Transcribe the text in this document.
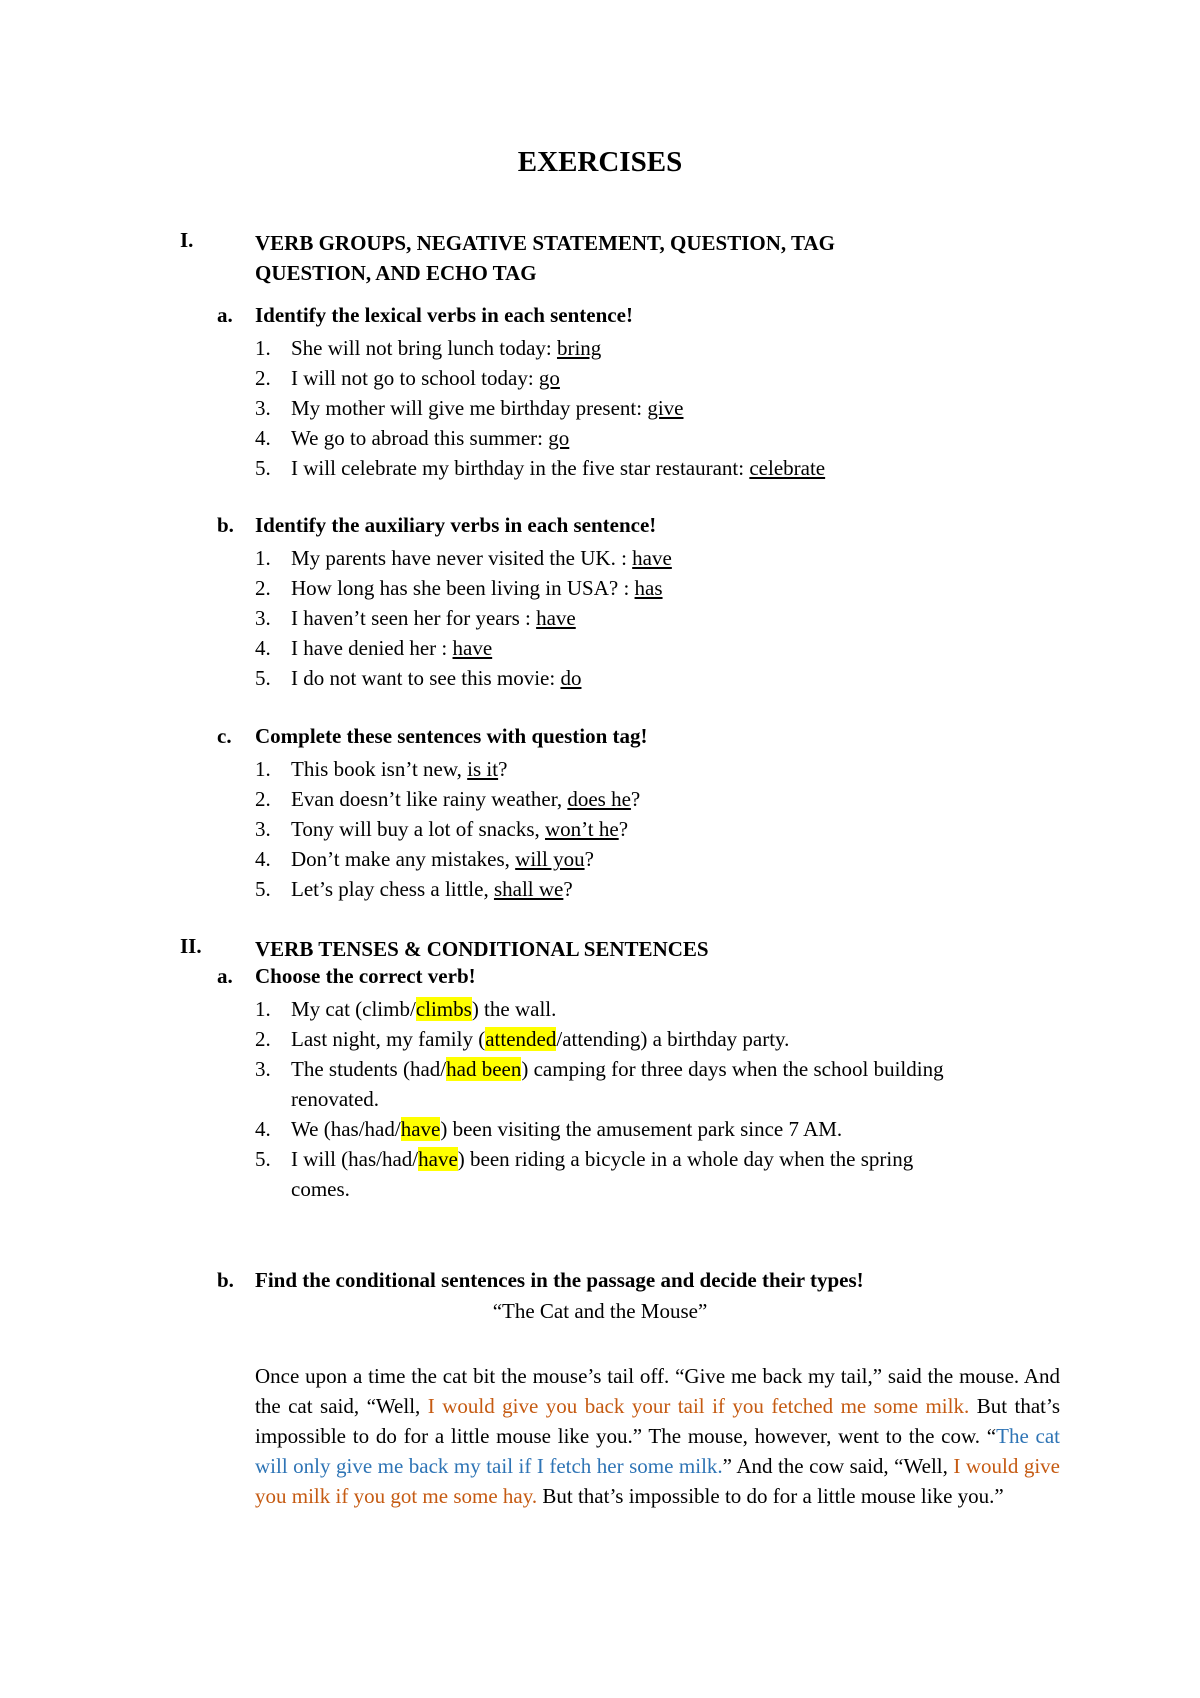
EXERCISES
I.	VERB GROUPS, NEGATIVE STATEMENT, QUESTION, TAG
QUESTION, AND ECHO TAG
a. Identify the lexical verbs in each sentence!
1. She will not bring lunch today: bring
2. I will not go to school today: go
3. My mother will give me birthday present: give
4. We go to abroad this summer: go
5. I will celebrate my birthday in the five star restaurant: celebrate
b. Identify the auxiliary verbs in each sentence!
1. My parents have never visited the UK. : have
2. How long has she been living in USA? : has
3. I haven’t seen her for years : have
4. I have denied her : have
5. I do not want to see this movie: do
c. Complete these sentences with question tag!
1. This book isn’t new, is it?
2. Evan doesn’t like rainy weather, does he?
3. Tony will buy a lot of snacks, won’t he?
4. Don’t make any mistakes, will you?
5. Let’s play chess a little, shall we?
II.	VERB TENSES & CONDITIONAL SENTENCES
a. Choose the correct verb!
1. My cat (climb/climbs) the wall.
2. Last night, my family (attended/attending) a birthday party.
3. The students (had/had been) camping for three days when the school building
renovated.
4. We (has/had/have) been visiting the amusement park since 7 AM.
5. I will (has/had/have) been riding a bicycle in a whole day when the spring
comes.
b. Find the conditional sentences in the passage and decide their types!
“The Cat and the Mouse”
Once upon a time the cat bit the mouse’s tail off. “Give me back my tail,” said the mouse. And the cat said, “Well, I would give you back your tail if you fetched me some milk. But that’s impossible to do for a little mouse like you.” The mouse, however, went to the cow. “The cat will only give me back my tail if I fetch her some milk.” And the cow said, “Well, I would give you milk if you got me some hay. But that’s impossible to do for a little mouse like you.”
